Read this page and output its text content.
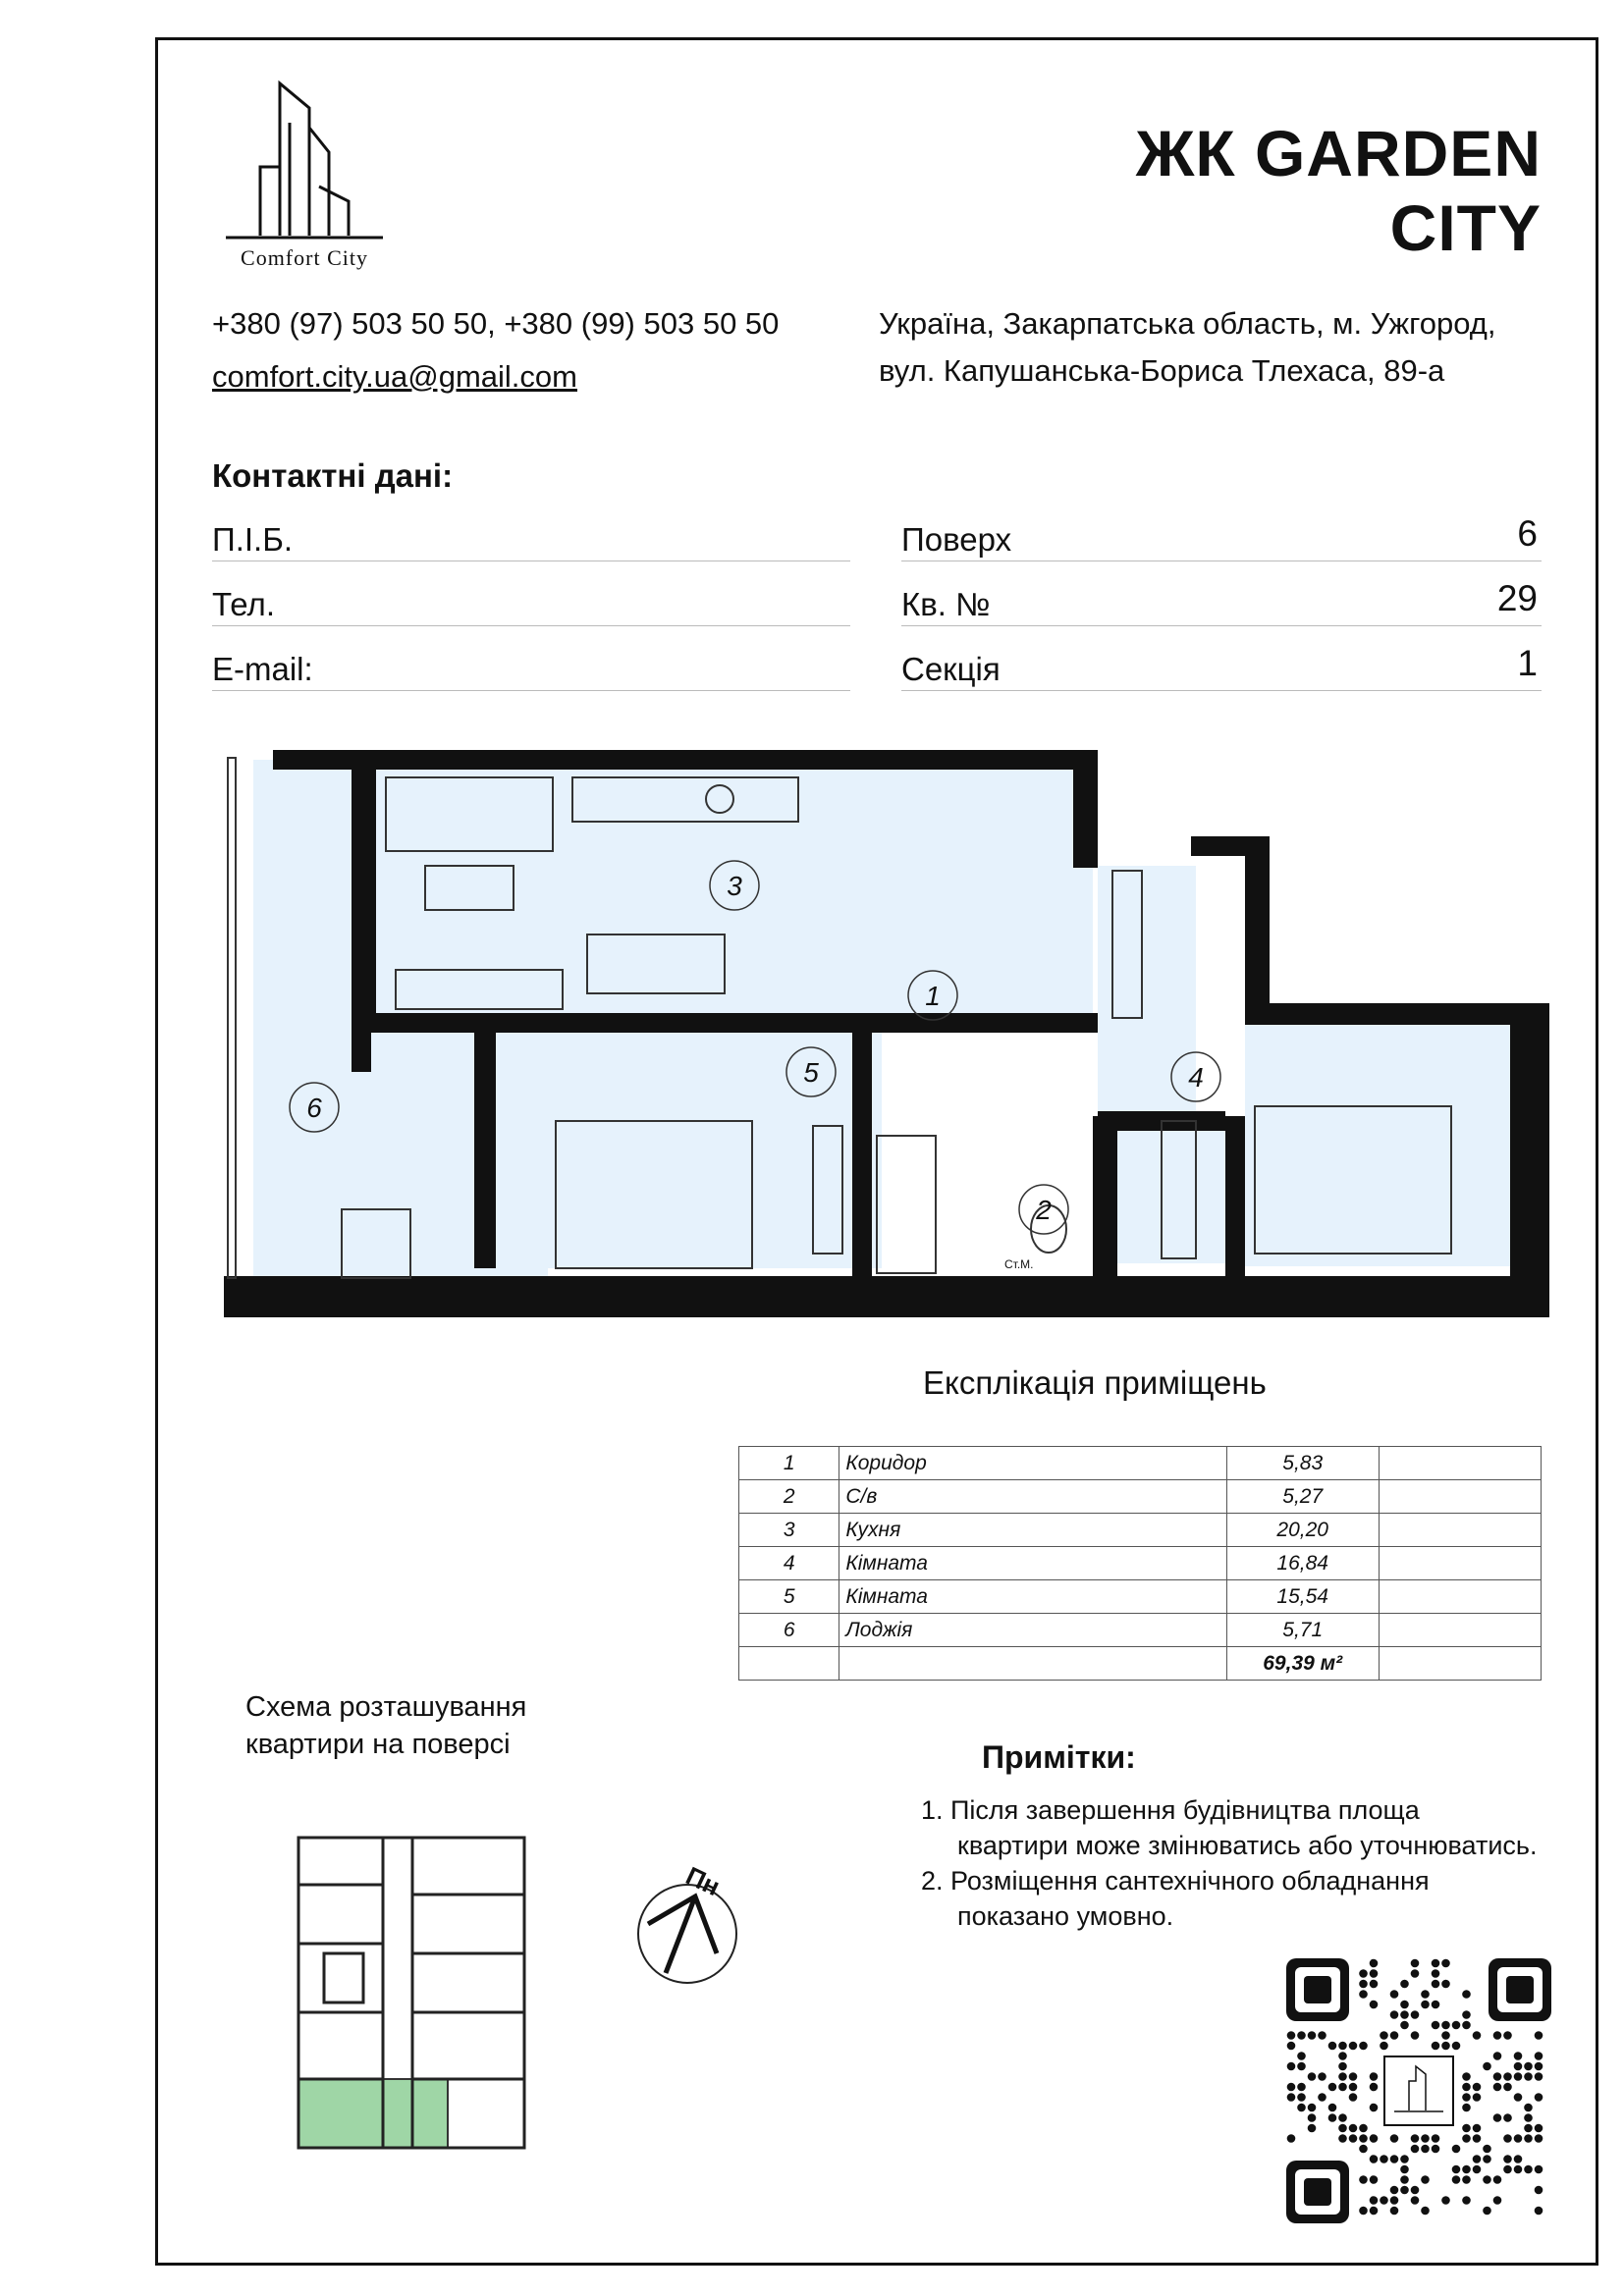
Comfort City
ЖК GARDEN CITY
+380 (97) 503 50 50, +380 (99) 503 50 50
comfort.city.ua@gmail.com
Україна, Закарпатська область, м. Ужгород,
вул. Капушанська-Бориса Тлехаса, 89-а
Контактні дані:
П.І.Б.
Тел.
E-mail:
Поверх	6
Кв. №	29
Секція	1
3
1
5	4
2
6
Ст.М.
Експлікація приміщень
1	Коридор	5,83	
2	С/в	5,27	
3	Кухня	20,20	
4	Кімната	16,84	
5	Кімната	15,54	
6	Лоджія	5,71	
		69,39 м²	
Схема розташування
квартири на поверсі
Пн
Примітки:
1. Після завершення будівництва площа
квартири може змінюватись або уточнюватись.
2. Розміщення сантехнічного обладнання
показано умовно.
